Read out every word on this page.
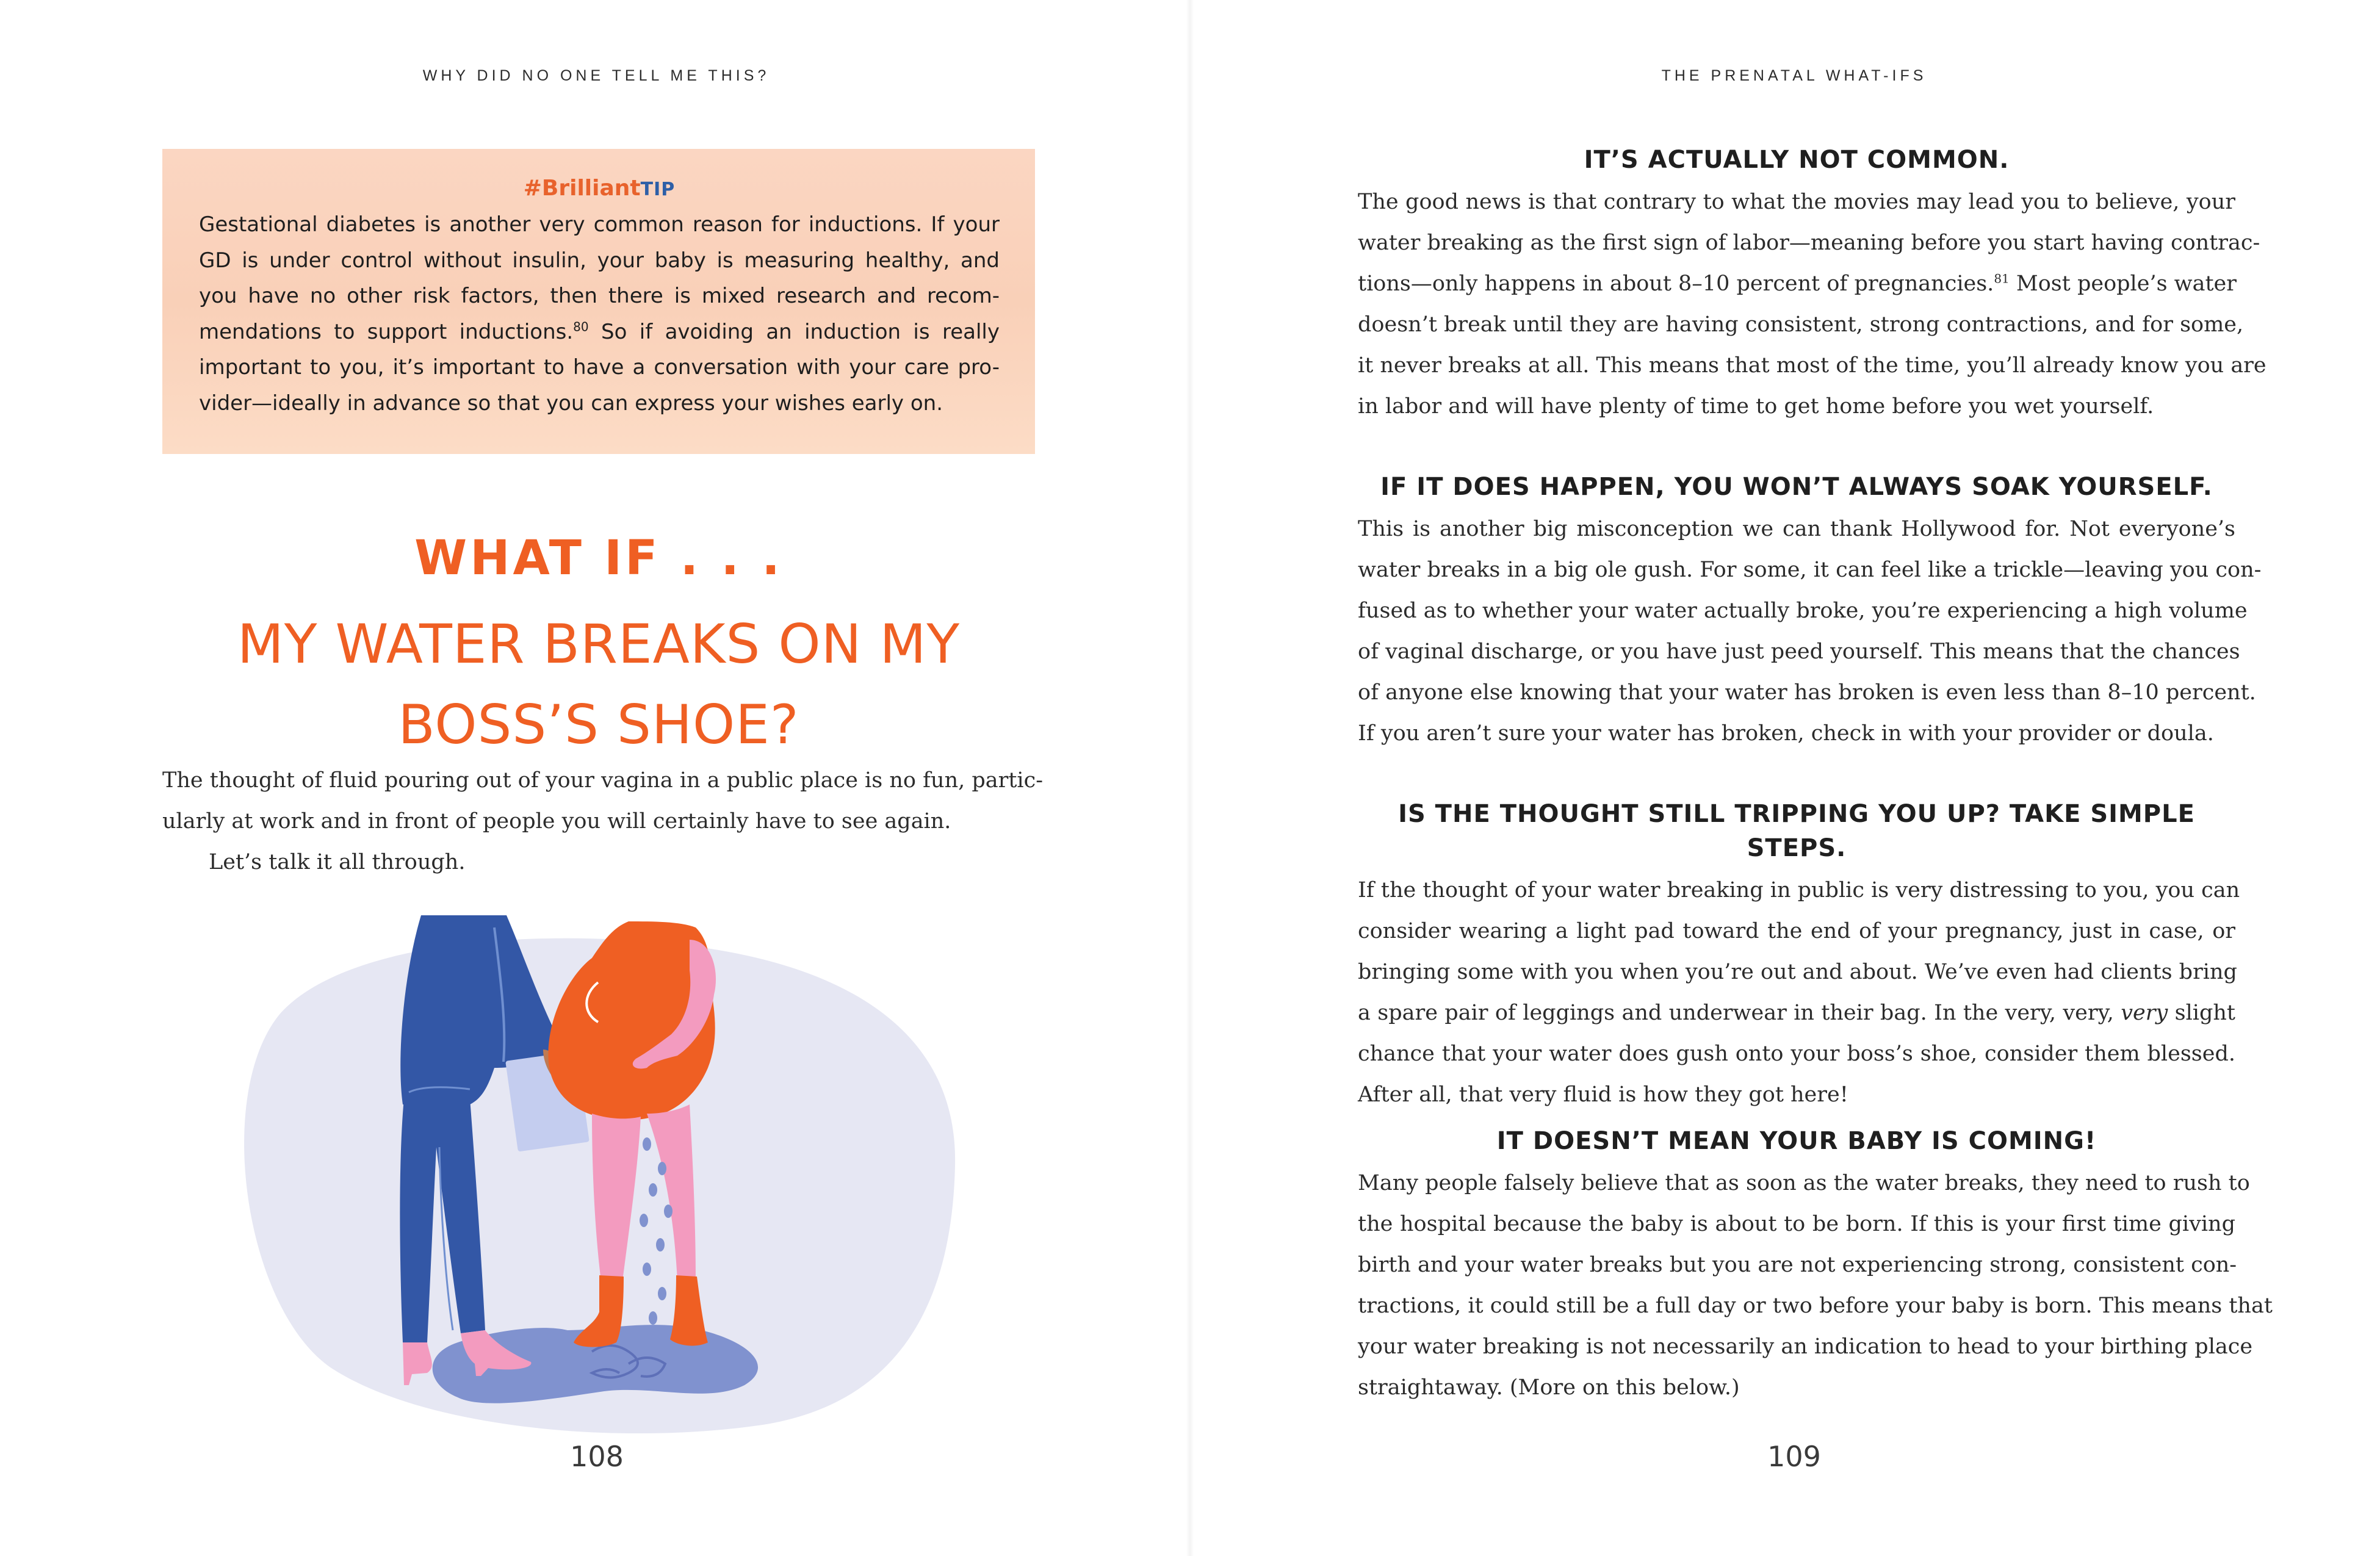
WHY DID NO ONE TELL ME THIS?
#BrilliantTIP

Gestational diabetes is another very common reason for inductions. If your
GD is under control without insulin, your baby is measuring healthy, and
you have no other risk factors, then there is mixed research and recom-
mendations to support inductions.$^{80}$ So if avoiding an induction is really
important to you, it’s important to have a conversation with your care pro-
vider—ideally in advance so that you can express your wishes early on.

WHAT IF . . .
MY WATER BREAKS ON MY
BOSS’S SHOE?

The thought of fluid pouring out of your vagina in a public place is no fun, partic-
ularly at work and in front of people you will certainly have to see again.
Let’s talk it all through.

108
THE PRENATAL WHAT-IFS
IT’S ACTUALLY NOT COMMON.

The good news is that contrary to what the movies may lead you to believe, your
water breaking as the first sign of labor—meaning before you start having contrac-
tions—only happens in about 8–10 percent of pregnancies.$^{81}$ Most people’s water
doesn’t break until they are having consistent, strong contractions, and for some,
it never breaks at all. This means that most of the time, you’ll already know you are
in labor and will have plenty of time to get home before you wet yourself.

IF IT DOES HAPPEN, YOU WON’T ALWAYS SOAK YOURSELF.

This is another big misconception we can thank Hollywood for. Not everyone’s
water breaks in a big ole gush. For some, it can feel like a trickle—leaving you con-
fused as to whether your water actually broke, you’re experiencing a high volume
of vaginal discharge, or you have just peed yourself. This means that the chances
of anyone else knowing that your water has broken is even less than 8–10 percent.
If you aren’t sure your water has broken, check in with your provider or doula.

IS THE THOUGHT STILL TRIPPING YOU UP? TAKE SIMPLE STEPS.

If the thought of your water breaking in public is very distressing to you, you can
consider wearing a light pad toward the end of your pregnancy, just in case, or
bringing some with you when you’re out and about. We’ve even had clients bring
a spare pair of leggings and underwear in their bag. In the very, very, very slight
chance that your water does gush onto your boss’s shoe, consider them blessed.
After all, that very fluid is how they got here!

IT DOESN’T MEAN YOUR BABY IS COMING!

Many people falsely believe that as soon as the water breaks, they need to rush to
the hospital because the baby is about to be born. If this is your first time giving
birth and your water breaks but you are not experiencing strong, consistent con-
tractions, it could still be a full day or two before your baby is born. This means that
your water breaking is not necessarily an indication to head to your birthing place
straightaway. (More on this below.)

109
